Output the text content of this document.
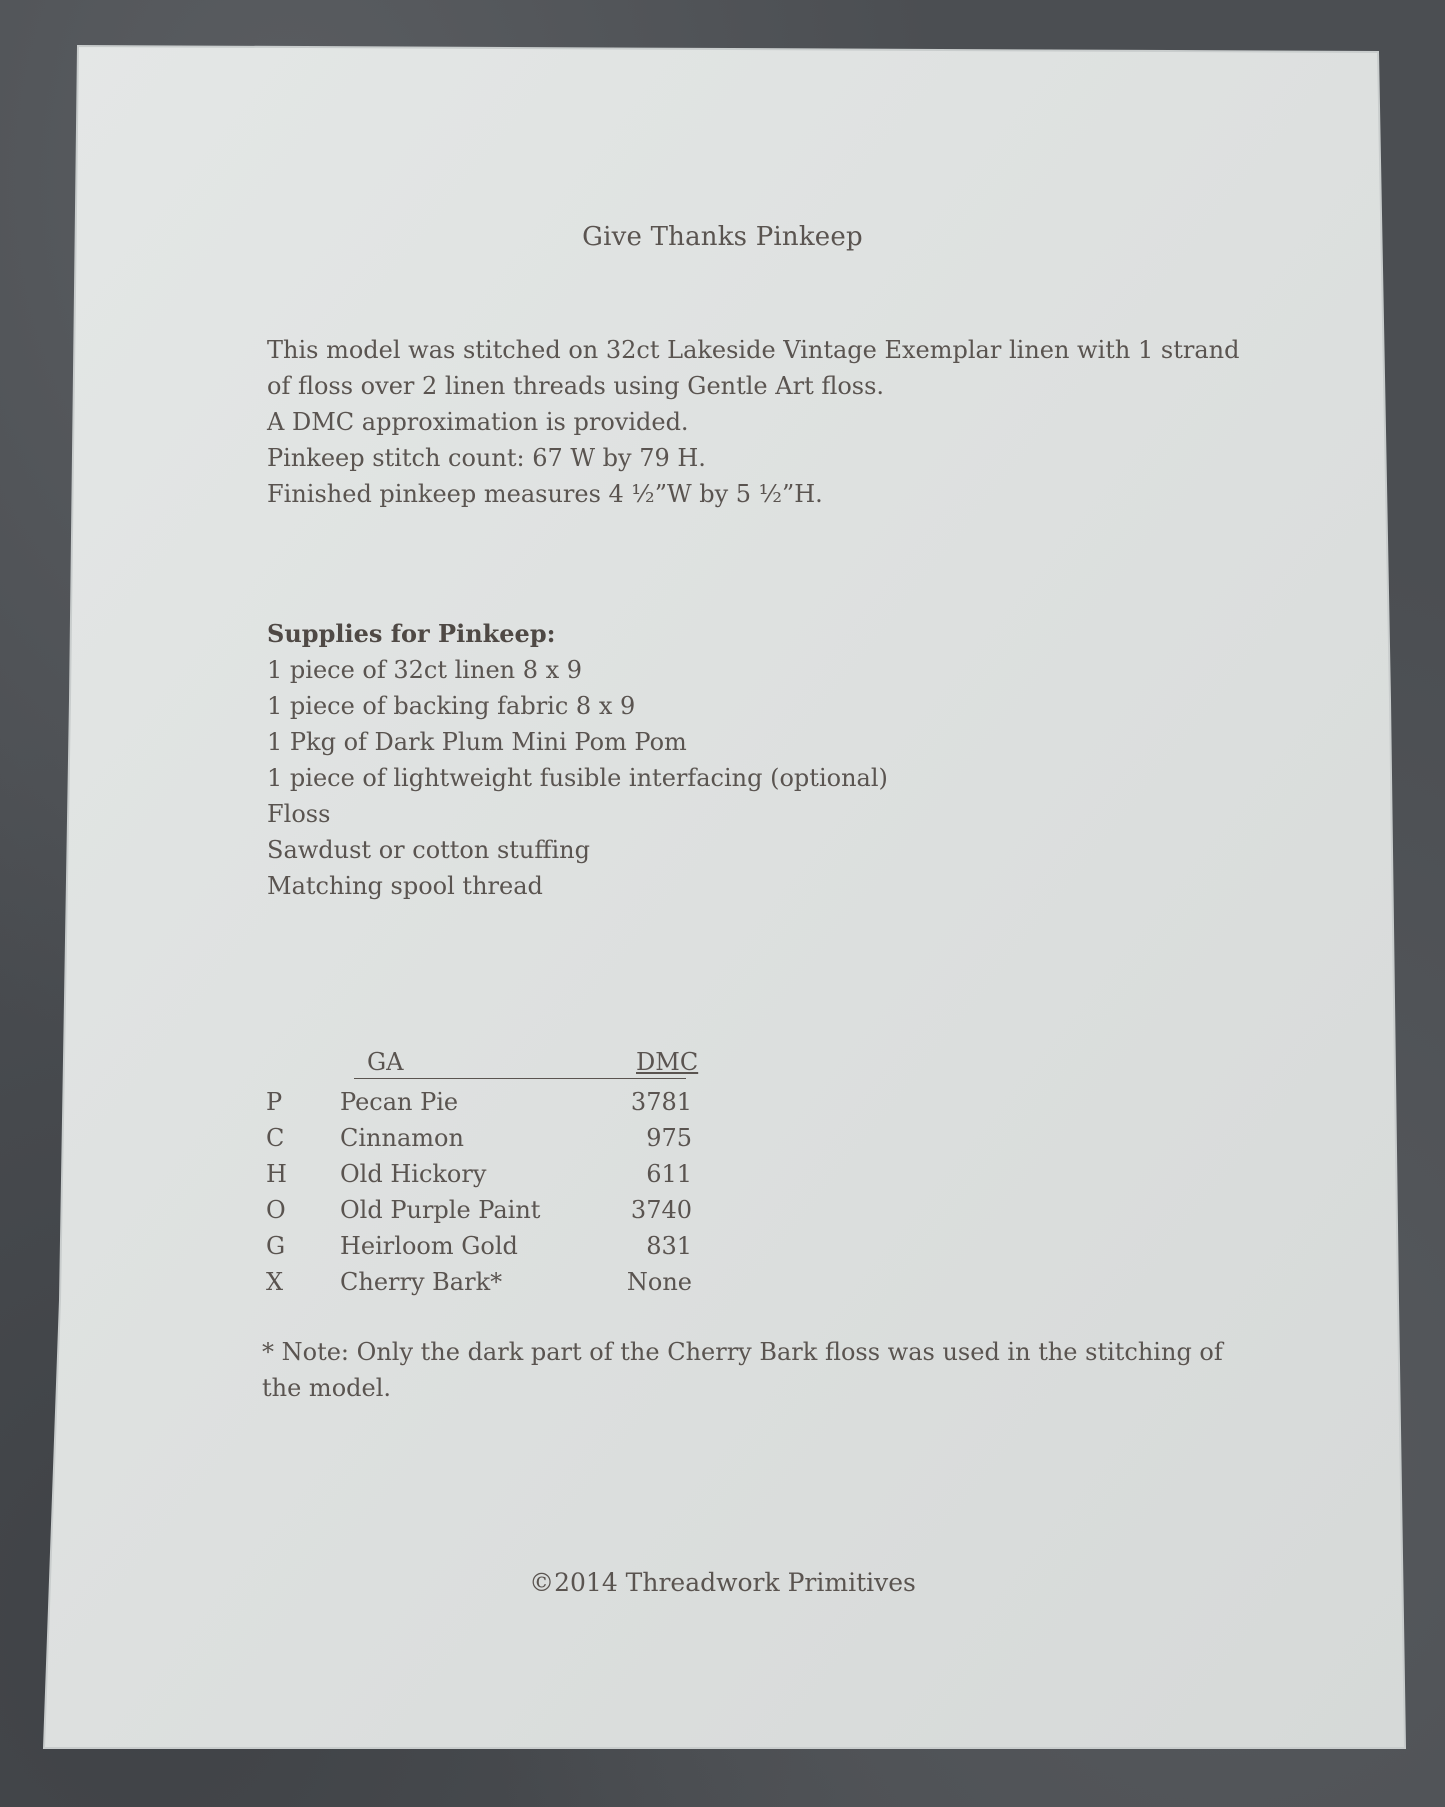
Give Thanks Pinkeep
This model was stitched on 32ct Lakeside Vintage Exemplar linen with 1 strand
of floss over 2 linen threads using Gentle Art floss.
A DMC approximation is provided.
Pinkeep stitch count: 67 W by 79 H.
Finished pinkeep measures 4 ½”W by 5 ½”H.
Supplies for Pinkeep:
1 piece of 32ct linen 8 x 9
1 piece of backing fabric 8 x 9
1 Pkg of Dark Plum Mini Pom Pom
1 piece of lightweight fusible interfacing (optional)
Floss
Sawdust or cotton stuffing
Matching spool thread
GA	DMC
P Pecan Pie	3781
C Cinnamon	975
H Old Hickory	611
O Old Purple Paint	3740
G Heirloom Gold	831
X Cherry Bark*	None
* Note: Only the dark part of the Cherry Bark floss was used in the stitching of
the model.
©2014 Threadwork Primitives
